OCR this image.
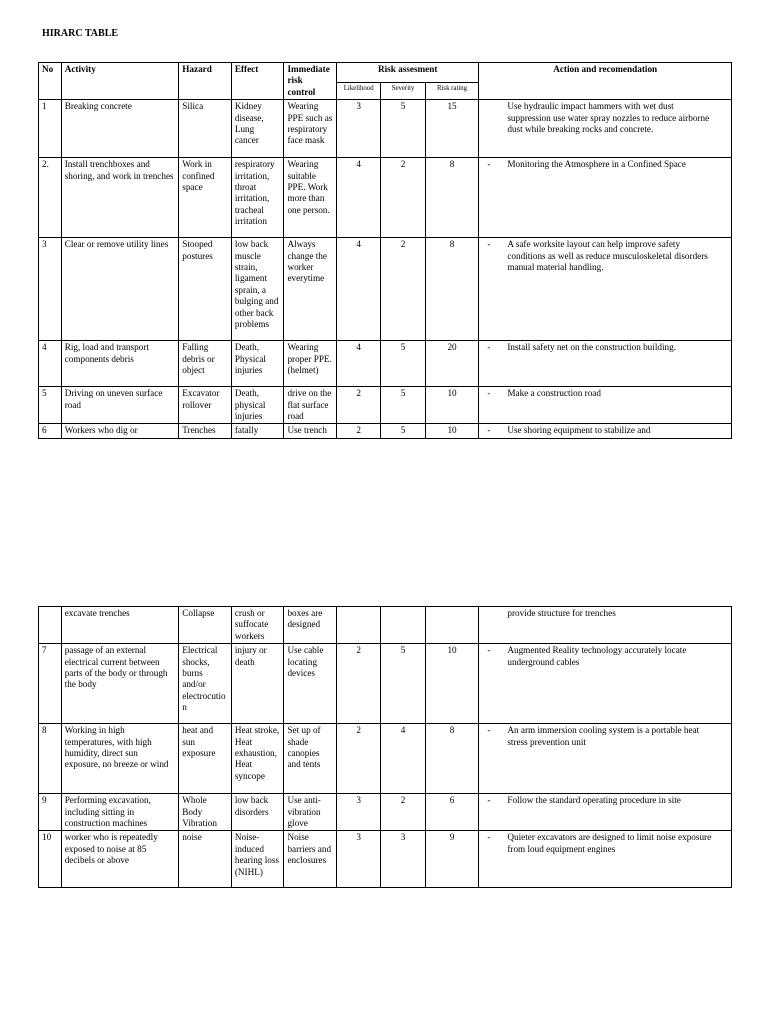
HIRARC TABLE
No	Activity	Hazard	Effect	Immediate
risk
control	Risk assesment			Action and recomendation
					Likelihood	Severity	Risk rating	
1	Breaking concrete	Silica	Kidney disease, Lung cancer	Wearing PPE such as respiratory face mask	3	5	15	Use hydraulic impact hammers with wet dust suppression use water spray nozzles to reduce airborne dust while breaking rocks and concrete.
2.	Install trenchboxes and shoring, and work in trenches	Work in confined space	respiratory irritation, throat irritation, tracheal irritation	Wearing suitable PPE. Work more than one person.	4	2	8	- Monitoring the Atmosphere in a Confined Space
3	Clear or remove utility lines	Stooped postures	low back muscle strain, ligament sprain, a bulging and other back problems	Always change the worker everytime	4	2	8	- A safe worksite layout can help improve safety conditions as well as reduce musculoskeletal disorders manual material handling.
4	Rig, load and transport components debris	Falling debris or object	Death, Physical injuries	Wearing proper PPE. (helmet)	4	5	20	- Install safety net on the construction building.
5	Driving on uneven surface road	Excavator rollover	Death, physical injuries	drive on the flat surface road	2	5	10	- Make a construction road
6	Workers who dig or	Trenches	fatally	Use trench	2	5	10	- Use shoring equipment to stabilize and
	excavate trenches	Collapse	crush or suffocate workers	boxes are designed				provide structure for trenches
7	passage of an external electrical current between parts of the body or through the body	Electrical shocks, burns and/or electrocution	injury or death	Use cable locating devices	2	5	10	- Augmented Reality technology accurately locate underground cables
8	Working in high temperatures, with high humidity, direct sun exposure, no breeze or wind	heat and sun exposure	Heat stroke, Heat exhaustion, Heat syncope	Set up of shade canopies and tents	2	4	8	- An arm immersion cooling system is a portable heat stress prevention unit
9	Performing excavation, including sitting in construction machines	Whole Body Vibration	low back disorders	Use anti-vibration glove	3	2	6	- Follow the standard operating procedure in site
10	worker who is repeatedly exposed to noise at 85 decibels or above	noise	Noise-induced hearing loss (NIHL)	Noise barriers and enclosures	3	3	9	- Quieter excavators are designed to limit noise exposure from loud equipment engines
